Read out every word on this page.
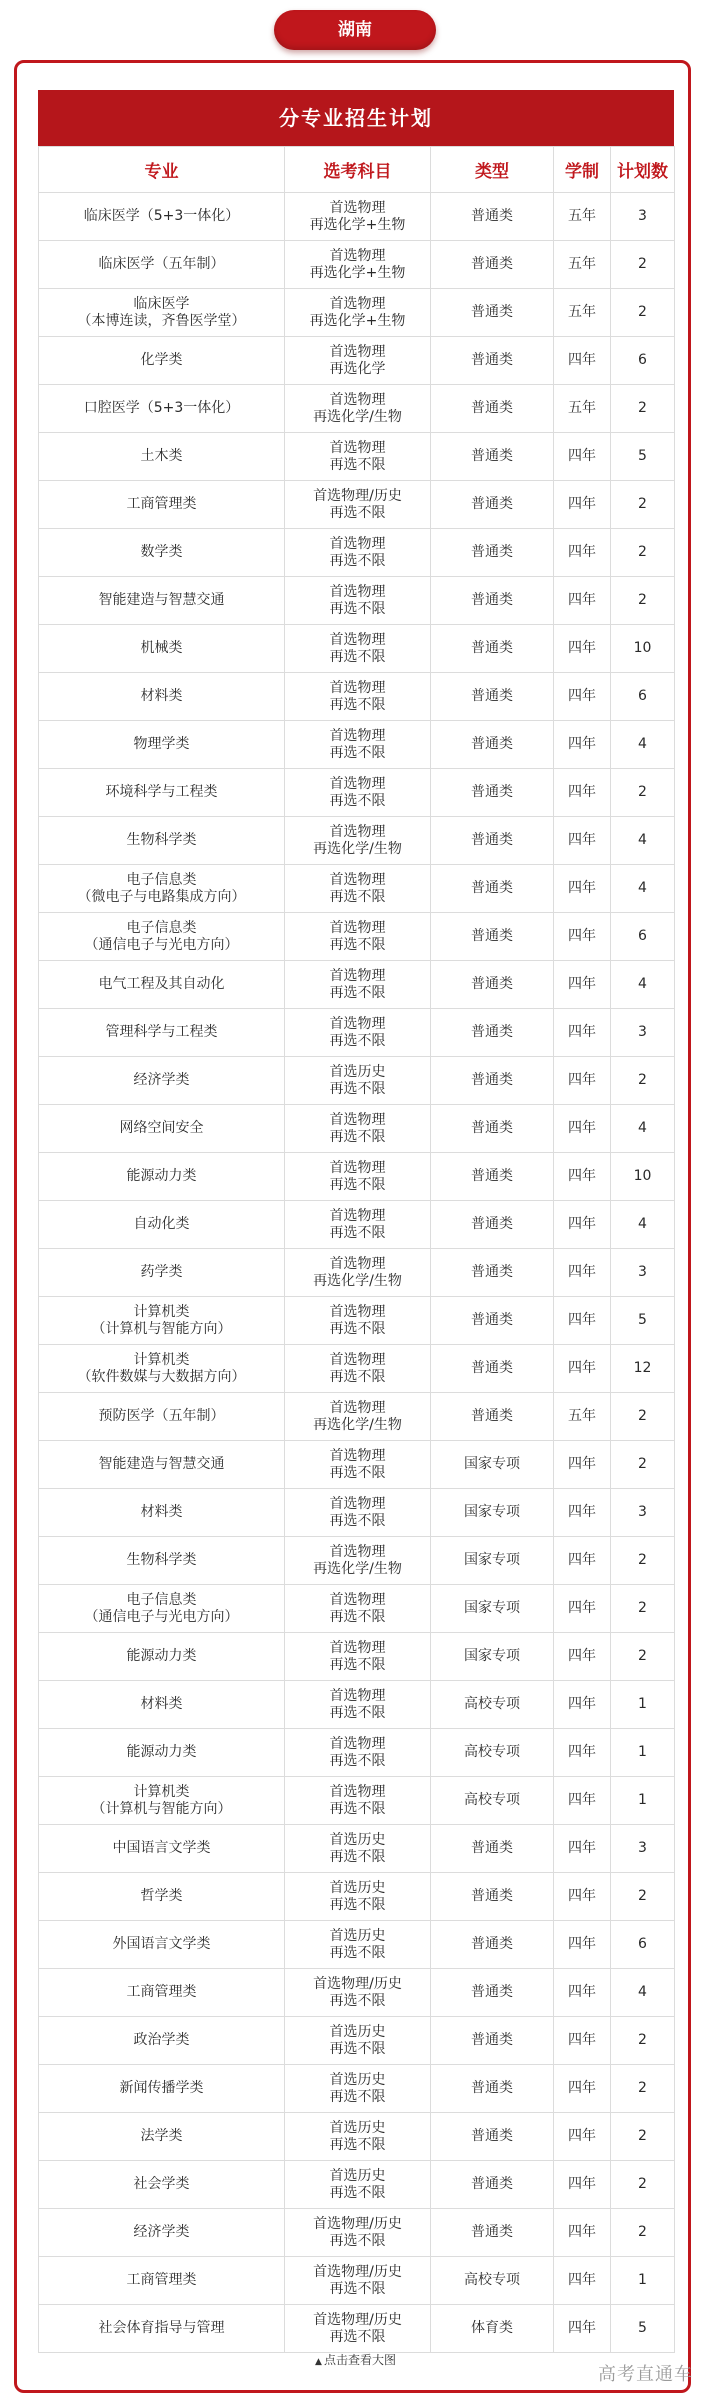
湖南
分专业招生计划
专业	选考科目	类型	学制	计划数

临床医学（5+3一体化）	首选物理
再选化学+生物	普通类	五年	3

临床医学（五年制）	首选物理
再选化学+生物	普通类	五年	2

临床医学
（本博连读，齐鲁医学堂）	首选物理
再选化学+生物	普通类	五年	2

化学类	首选物理
再选化学	普通类	四年	6

口腔医学（5+3一体化）	首选物理
再选化学/生物	普通类	五年	2

土木类	首选物理
再选不限	普通类	四年	5

工商管理类	首选物理/历史
再选不限	普通类	四年	2

数学类	首选物理
再选不限	普通类	四年	2

智能建造与智慧交通	首选物理
再选不限	普通类	四年	2

机械类	首选物理
再选不限	普通类	四年	10

材料类	首选物理
再选不限	普通类	四年	6

物理学类	首选物理
再选不限	普通类	四年	4

环境科学与工程类	首选物理
再选不限	普通类	四年	2

生物科学类	首选物理
再选化学/生物	普通类	四年	4

电子信息类
（微电子与电路集成方向）	首选物理
再选不限	普通类	四年	4

电子信息类
（通信电子与光电方向）	首选物理
再选不限	普通类	四年	6

电气工程及其自动化	首选物理
再选不限	普通类	四年	4

管理科学与工程类	首选物理
再选不限	普通类	四年	3

经济学类	首选历史
再选不限	普通类	四年	2

网络空间安全	首选物理
再选不限	普通类	四年	4

能源动力类	首选物理
再选不限	普通类	四年	10

自动化类	首选物理
再选不限	普通类	四年	4

药学类	首选物理
再选化学/生物	普通类	四年	3

计算机类
（计算机与智能方向）	首选物理
再选不限	普通类	四年	5

计算机类
（软件数媒与大数据方向）	首选物理
再选不限	普通类	四年	12

预防医学（五年制）	首选物理
再选化学/生物	普通类	五年	2

智能建造与智慧交通	首选物理
再选不限	国家专项	四年	2

材料类	首选物理
再选不限	国家专项	四年	3

生物科学类	首选物理
再选化学/生物	国家专项	四年	2

电子信息类
（通信电子与光电方向）	首选物理
再选不限	国家专项	四年	2

能源动力类	首选物理
再选不限	国家专项	四年	2

材料类	首选物理
再选不限	高校专项	四年	1

能源动力类	首选物理
再选不限	高校专项	四年	1

计算机类
（计算机与智能方向）	首选物理
再选不限	高校专项	四年	1

中国语言文学类	首选历史
再选不限	普通类	四年	3

哲学类	首选历史
再选不限	普通类	四年	2

外国语言文学类	首选历史
再选不限	普通类	四年	6

工商管理类	首选物理/历史
再选不限	普通类	四年	4

政治学类	首选历史
再选不限	普通类	四年	2

新闻传播学类	首选历史
再选不限	普通类	四年	2

法学类	首选历史
再选不限	普通类	四年	2

社会学类	首选历史
再选不限	普通类	四年	2

经济学类	首选物理/历史
再选不限	普通类	四年	2

工商管理类	首选物理/历史
再选不限	高校专项	四年	1

社会体育指导与管理	首选物理/历史
再选不限	体育类	四年	5
▲ 点击查看大图
高考直通车
